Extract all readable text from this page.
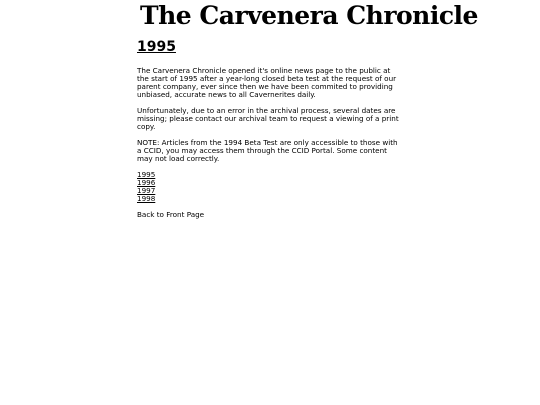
The Carvenera Chronicle
1995

The Carvenera Chronicle opened it's online news page to the public at the start of 1995 after a year-long closed beta test at the request of our parent company, ever since then we have been commited to providing unbiased, accurate news to all Cavernerites daily.

Unfortunately, due to an error in the archival process, several dates are missing; please contact our archival team to request a viewing of a print copy.

NOTE: Articles from the 1994 Beta Test are only accessible to those with a CCID, you may access them through the CCID Portal. Some content may not load correctly.

1995
1996
1997
1998
Back to Front Page
